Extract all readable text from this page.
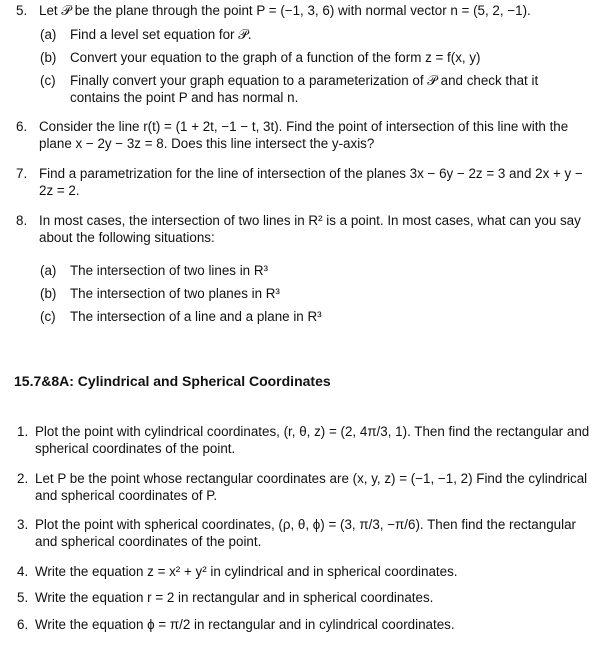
5. Let 𝒫 be the plane through the point P = (−1, 3, 6) with normal vector n = (5, 2, −1).
(a) Find a level set equation for 𝒫.
(b) Convert your equation to the graph of a function of the form z = f(x, y)
(c) Finally convert your graph equation to a parameterization of 𝒫 and check that it contains the point P and has normal n.
6. Consider the line r(t) = (1 + 2t, −1 − t, 3t). Find the point of intersection of this line with the plane x − 2y − 3z = 8. Does this line intersect the y-axis?
7. Find a parametrization for the line of intersection of the planes 3x − 6y − 2z = 3 and 2x + y − 2z = 2.
8. In most cases, the intersection of two lines in R² is a point. In most cases, what can you say about the following situations:
(a) The intersection of two lines in R³
(b) The intersection of two planes in R³
(c) The intersection of a line and a plane in R³
15.7&8A: Cylindrical and Spherical Coordinates
1. Plot the point with cylindrical coordinates, (r, θ, z) = (2, 4π/3, 1). Then find the rectangular and spherical coordinates of the point.
2. Let P be the point whose rectangular coordinates are (x, y, z) = (−1, −1, 2) Find the cylindrical and spherical coordinates of P.
3. Plot the point with spherical coordinates, (ρ, θ, ϕ) = (3, π/3, −π/6). Then find the rectangular and spherical coordinates of the point.
4. Write the equation z = x² + y² in cylindrical and in spherical coordinates.
5. Write the equation r = 2 in rectangular and in spherical coordinates.
6. Write the equation ϕ = π/2 in rectangular and in cylindrical coordinates.
